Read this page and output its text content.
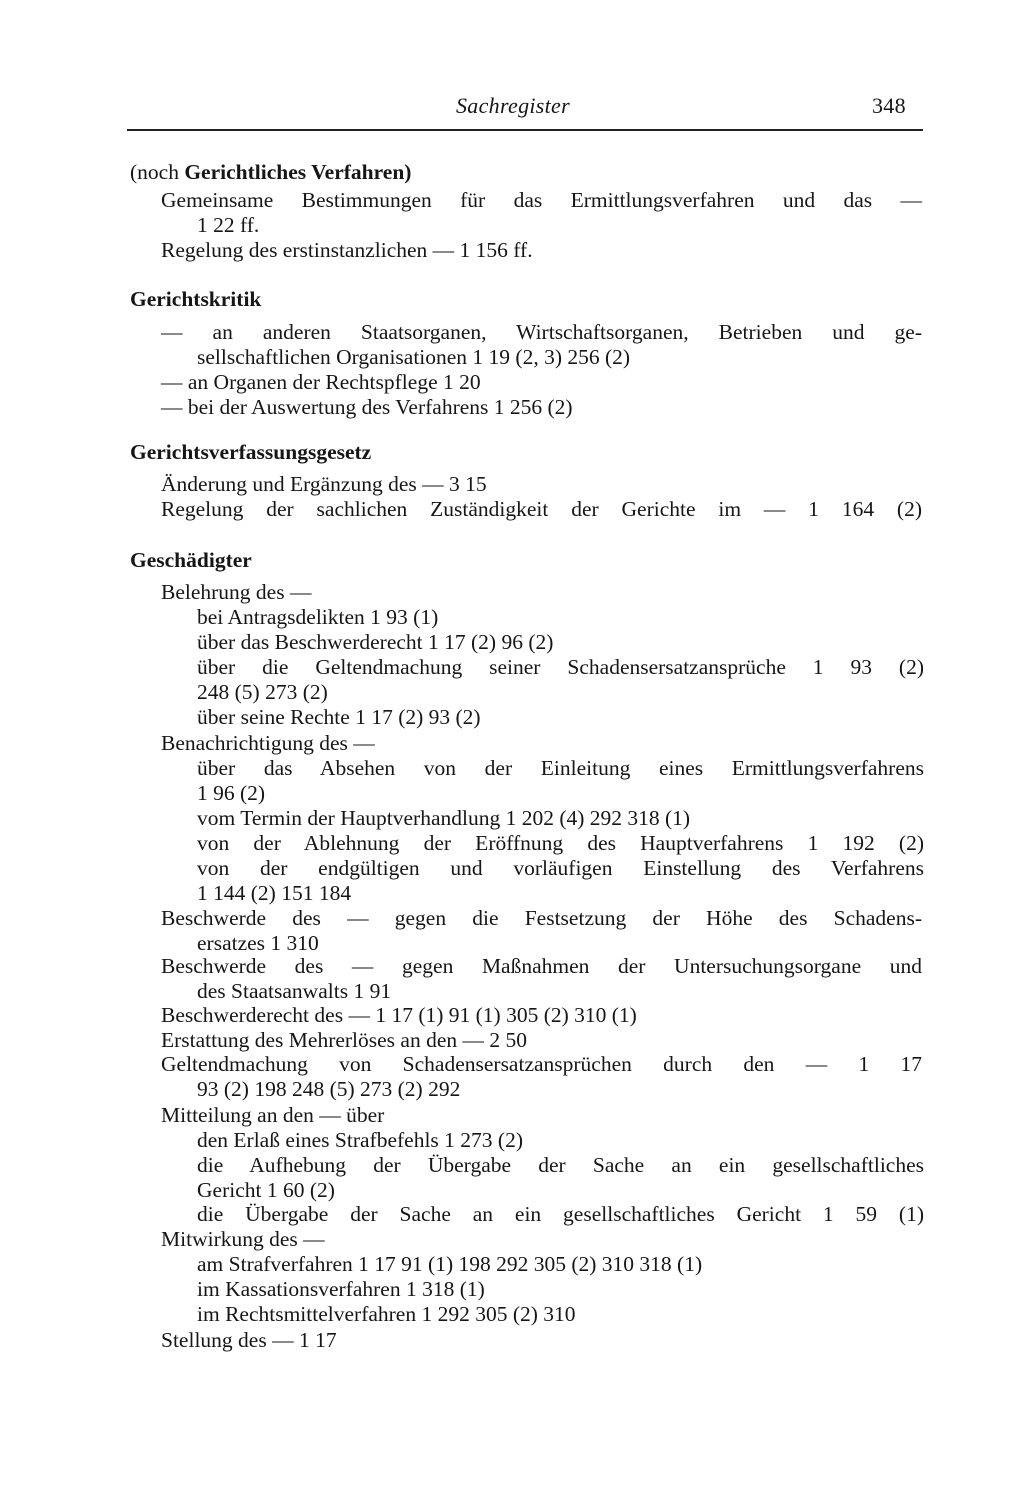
Sachregister	348
(noch Gerichtliches Verfahren)
Gemeinsame Bestimmungen für das Ermittlungsverfahren und das —
1 22 ff.
Regelung des erstinstanzlichen — 1 156 ff.
Gerichtskritik
— an anderen Staatsorganen, Wirtschaftsorganen, Betrieben und ge-
sellschaftlichen Organisationen 1 19 (2, 3) 256 (2)
— an Organen der Rechtspflege 1 20
— bei der Auswertung des Verfahrens 1 256 (2)
Gerichtsverfassungsgesetz
Änderung und Ergänzung des — 3 15
Regelung der sachlichen Zuständigkeit der Gerichte im — 1 164 (2)
Geschädigter
Belehrung des —
bei Antragsdelikten 1 93 (1)
über das Beschwerderecht 1 17 (2) 96 (2)
über die Geltendmachung seiner Schadensersatzansprüche 1 93 (2)
248 (5) 273 (2)
über seine Rechte 1 17 (2) 93 (2)
Benachrichtigung des —
über das Absehen von der Einleitung eines Ermittlungsverfahrens
1 96 (2)
vom Termin der Hauptverhandlung 1 202 (4) 292 318 (1)
von der Ablehnung der Eröffnung des Hauptverfahrens 1 192 (2)
von der endgültigen und vorläufigen Einstellung des Verfahrens
1 144 (2) 151 184
Beschwerde des — gegen die Festsetzung der Höhe des Schadens-
ersatzes 1 310
Beschwerde des — gegen Maßnahmen der Untersuchungsorgane und
des Staatsanwalts 1 91
Beschwerderecht des — 1 17 (1) 91 (1) 305 (2) 310 (1)
Erstattung des Mehrerlöses an den — 2 50
Geltendmachung von Schadensersatzansprüchen durch den — 1 17
93 (2) 198 248 (5) 273 (2) 292
Mitteilung an den — über
den Erlaß eines Strafbefehls 1 273 (2)
die Aufhebung der Übergabe der Sache an ein gesellschaftliches
Gericht 1 60 (2)
die Übergabe der Sache an ein gesellschaftliches Gericht 1 59 (1)
Mitwirkung des —
am Strafverfahren 1 17 91 (1) 198 292 305 (2) 310 318 (1)
im Kassationsverfahren 1 318 (1)
im Rechtsmittelverfahren 1 292 305 (2) 310
Stellung des — 1 17
